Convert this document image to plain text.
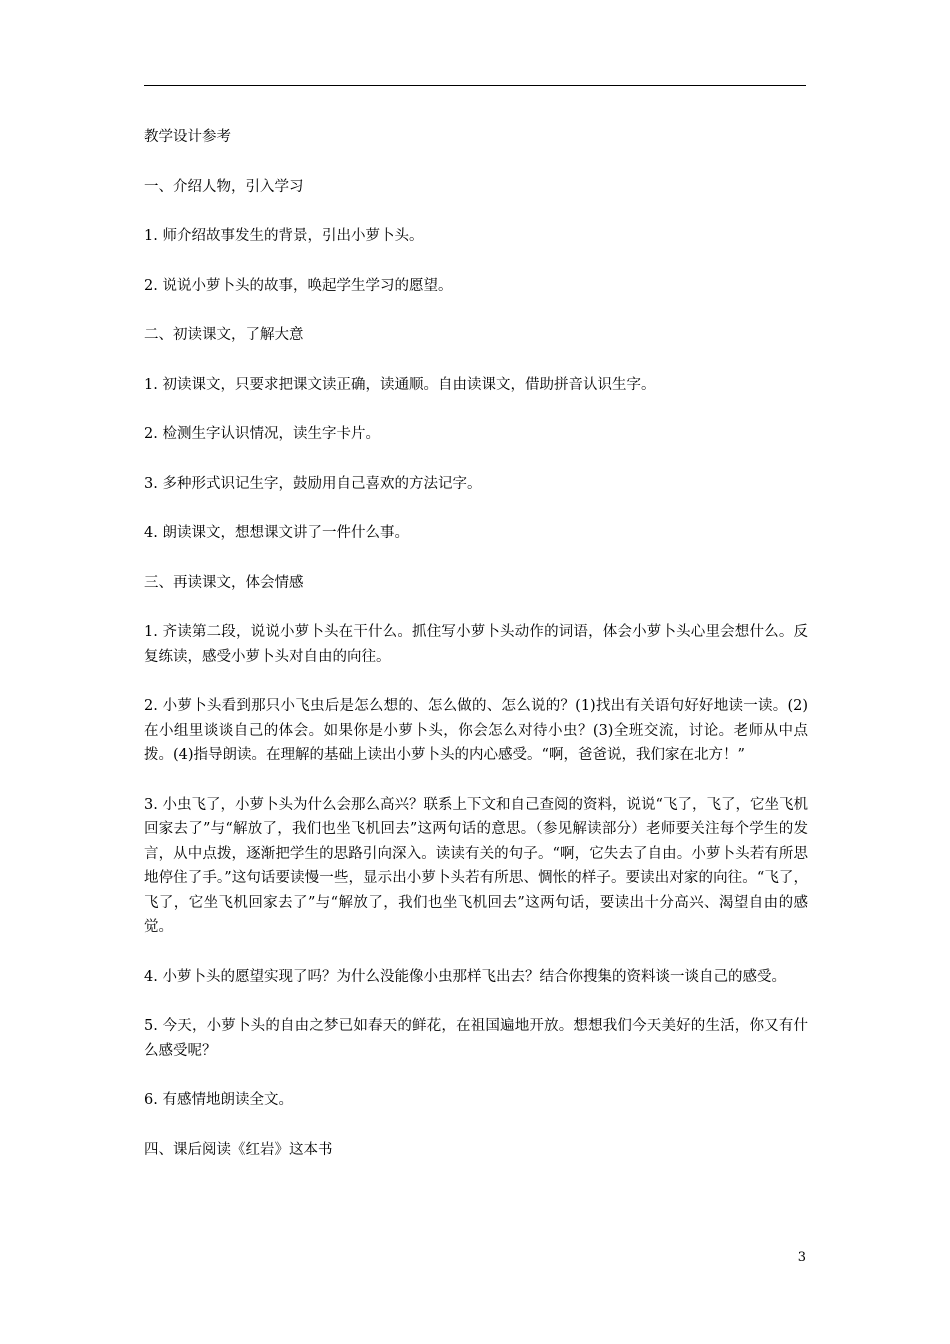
教学设计参考

一、介绍人物，引入学习

1. 师介绍故事发生的背景，引出小萝卜头。

2. 说说小萝卜头的故事，唤起学生学习的愿望。

二、初读课文，了解大意

1. 初读课文，只要求把课文读正确，读通顺。自由读课文，借助拼音认识生字。

2. 检测生字认识情况，读生字卡片。

3. 多种形式识记生字，鼓励用自己喜欢的方法记字。

4. 朗读课文，想想课文讲了一件什么事。

三、再读课文，体会情感

1. 齐读第二段，说说小萝卜头在干什么。抓住写小萝卜头动作的词语，体会小萝卜头心里会想什么。反复练读，感受小萝卜头对自由的向往。

2. 小萝卜头看到那只小飞虫后是怎么想的、怎么做的、怎么说的？(1)找出有关语句好好地读一读。(2)在小组里谈谈自己的体会。如果你是小萝卜头，你会怎么对待小虫？(3)全班交流，讨论。老师从中点拨。(4)指导朗读。在理解的基础上读出小萝卜头的内心感受。“啊，爸爸说，我们家在北方！”

3. 小虫飞了，小萝卜头为什么会那么高兴？联系上下文和自己查阅的资料，说说“飞了，飞了，它坐飞机回家去了”与“解放了，我们也坐飞机回去”这两句话的意思。（参见解读部分）老师要关注每个学生的发言，从中点拨，逐渐把学生的思路引向深入。读读有关的句子。“啊，它失去了自由。小萝卜头若有所思地停住了手。”这句话要读慢一些，显示出小萝卜头若有所思、惆怅的样子。要读出对家的向往。“飞了，飞了，它坐飞机回家去了”与“解放了，我们也坐飞机回去”这两句话，要读出十分高兴、渴望自由的感觉。

4. 小萝卜头的愿望实现了吗？为什么没能像小虫那样飞出去？结合你搜集的资料谈一谈自己的感受。

5. 今天，小萝卜头的自由之梦已如春天的鲜花，在祖国遍地开放。想想我们今天美好的生活，你又有什么感受呢？

6. 有感情地朗读全文。

四、课后阅读《红岩》这本书

3
